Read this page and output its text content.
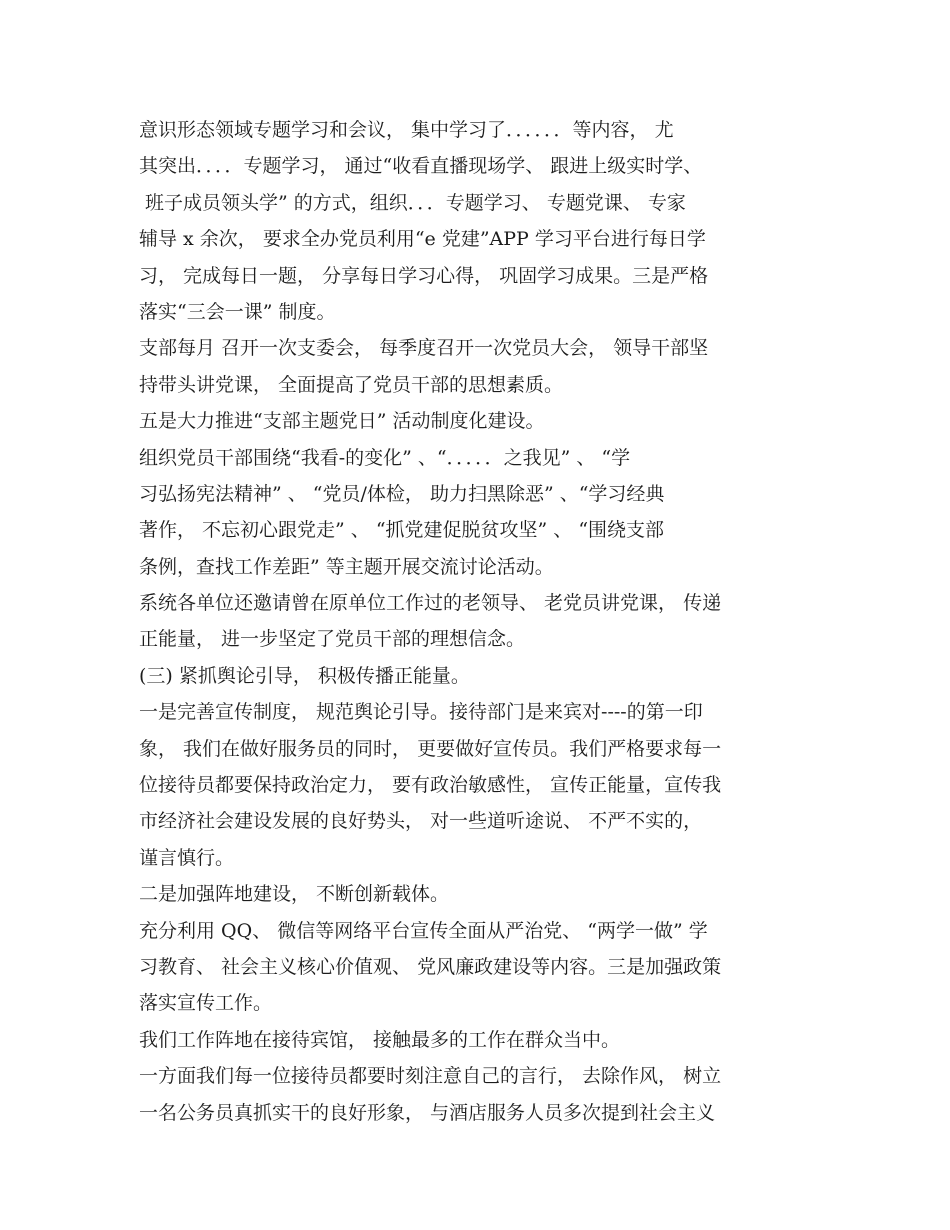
意识形态领域专题学习和会议， 集中学习了．．．．．．等内容， 尤
其突出．．．．专题学习， 通过“收看直播现场学、 跟进上级实时学、
班子成员领头学” 的方式，组织．．．专题学习、 专题党课、 专家
辅导 x 余次， 要求全办党员利用“e 党建”APP 学习平台进行每日学
习， 完成每日一题， 分享每日学习心得， 巩固学习成果。三是严格
落实“三会一课” 制度。
支部每月 召开一次支委会， 每季度召开一次党员大会， 领导干部坚
持带头讲党课， 全面提高了党员干部的思想素质。
五是大力推进“支部主题党日” 活动制度化建设。
组织党员干部围绕“我看-的变化” 、“．．．．．之我见” 、 “学
习弘扬宪法精神” 、 “党员/体检， 助力扫黑除恶” 、“学习经典
著作， 不忘初心跟党走” 、 “抓党建促脱贫攻坚” 、 “围绕支部
条例，查找工作差距” 等主题开展交流讨论活动。
系统各单位还邀请曾在原单位工作过的老领导、 老党员讲党课， 传递
正能量， 进一步坚定了党员干部的理想信念。
(三) 紧抓舆论引导， 积极传播正能量。
一是完善宣传制度， 规范舆论引导。接待部门是来宾对----的第一印
象， 我们在做好服务员的同时， 更要做好宣传员。我们严格要求每一
位接待员都要保持政治定力， 要有政治敏感性， 宣传正能量，宣传我
市经济社会建设发展的良好势头， 对一些道听途说、 不严不实的，
谨言慎行。
二是加强阵地建设， 不断创新载体。
充分利用 QQ、 微信等网络平台宣传全面从严治党、 “两学一做” 学
习教育、 社会主义核心价值观、 党风廉政建设等内容。三是加强政策
落实宣传工作。
我们工作阵地在接待宾馆， 接触最多的工作在群众当中。
一方面我们每一位接待员都要时刻注意自己的言行， 去除作风， 树立
一名公务员真抓实干的良好形象， 与酒店服务人员多次提到社会主义
